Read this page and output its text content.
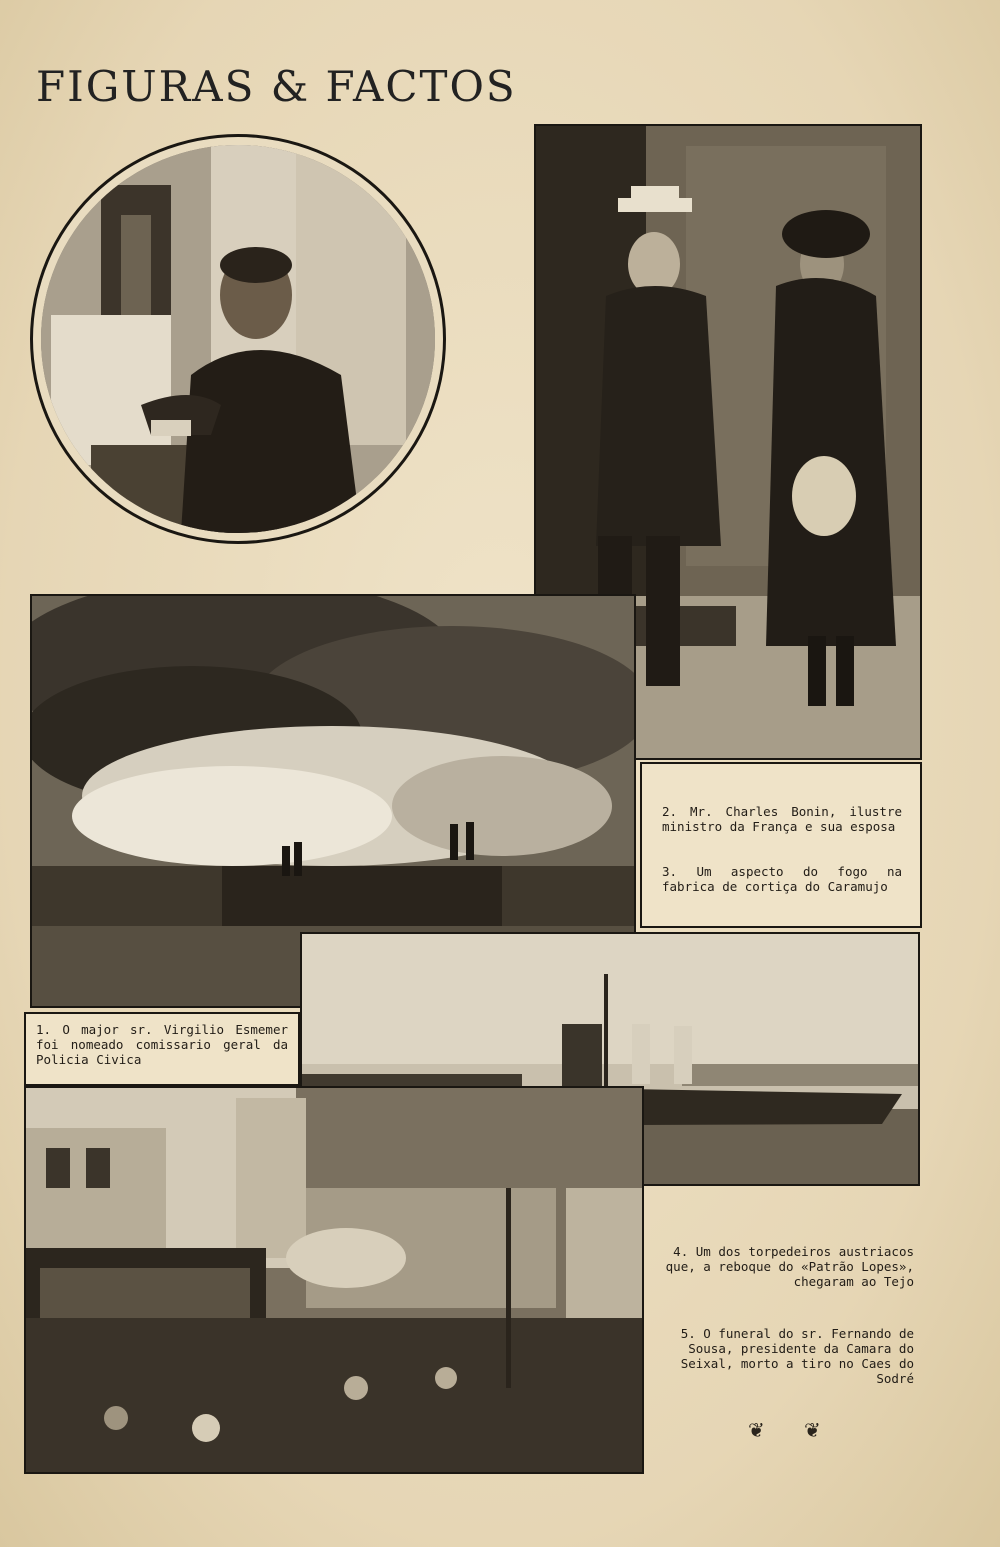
FIGURAS & FACTOS

2. Mr. Charles Bonin, ilustre ministro da França e sua esposa

3. Um aspecto do fogo na fabrica de cortiça do Caramujo

1. O major sr. Virgilio Esmemer foi nomeado comissario geral da Policia Civica

4. Um dos torpedeiros austriacos que, a reboque do «Patrão Lopes», chegaram ao Tejo

5. O funeral do sr. Fernando de Sousa, presidente da Camara do Seixal, morto a tiro no Caes do Sodré

❦ ❦
